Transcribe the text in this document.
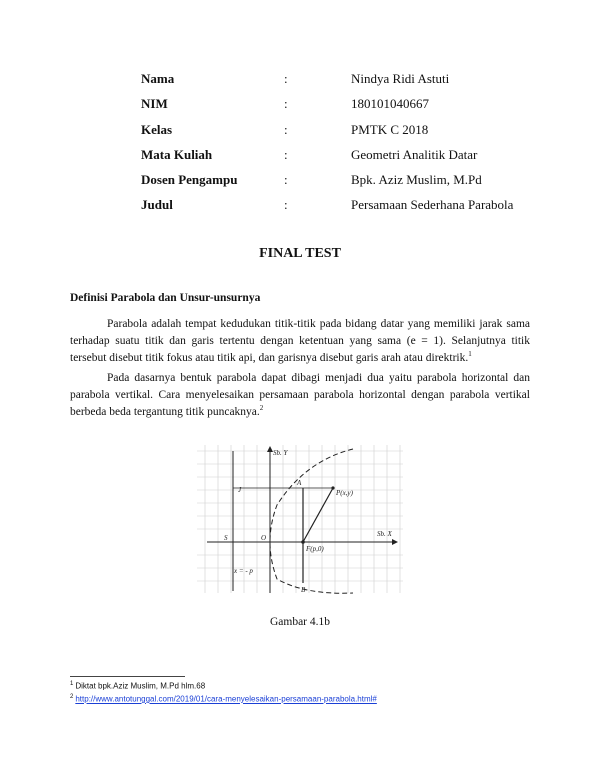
Nama	:	Nindya Ridi Astuti
NIM	:	180101040667
Kelas	:	PMTK C 2018
Mata Kuliah	:	Geometri Analitik Datar
Dosen Pengampu	:	Bpk. Aziz Muslim, M.Pd
Judul	:	Persamaan Sederhana Parabola
FINAL TEST
Definisi Parabola dan Unsur-unsurnya

Parabola adalah tempat kedudukan titik-titik pada bidang datar yang memiliki jarak sama terhadap suatu titik dan garis tertentu dengan ketentuan yang sama (e = 1). Selanjutnya titik tersebut disebut titik fokus atau titik api, dan garisnya disebut garis arah atau direktrik.$^1$

Pada dasarnya bentuk parabola dapat dibagi menjadi dua yaitu parabola horizontal dan parabola vertikal. Cara menyelesaikan persamaan parabola horizontal dengan parabola vertikal berbeda beda tergantung titik puncaknya.$^2$

Sb. Y
Sb. X
P(x,y)
A
B
F(p,0)
O
S
x = - p
J
Gambar 4.1b
$^1$ Diktat bpk.Aziz Muslim, M.Pd hlm.68
$^2$ http://www.antotunggal.com/2019/01/cara-menyelesaikan-persamaan-parabola.html#
